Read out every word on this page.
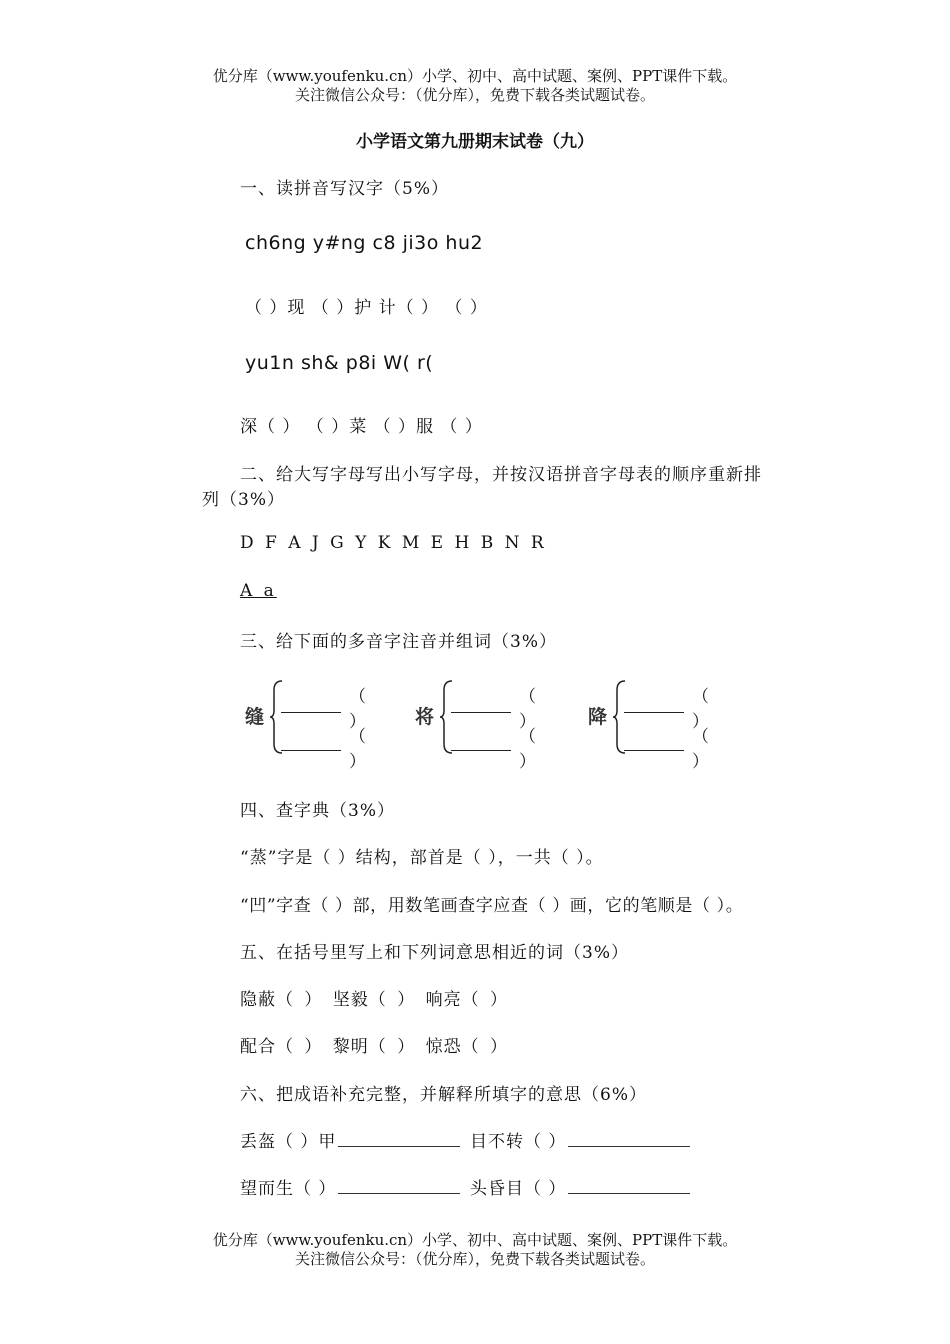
优分库（www.youfenku.cn）小学、初中、高中试题、案例、PPT课件下载。
关注微信公众号：（优分库），免费下载各类试题试卷。
小学语文第九册期末试卷（九）
一、读拼音写汉字（5%）
ch6ng y#ng c8 ji3o hu2
（ ）现 （ ）护 计（ ） （ ）
yu1n sh& p8i W( r(
深（ ） （ ）菜 （ ）服 （ ）
二、给大写字母写出小写字母，并按汉语拼音字母表的顺序重新排
列（3%）
D F A J G Y K M E H B N R
A a
三、给下面的多音字注音并组词（3%）
缝
（ ）
（ ）
将
（ ）
（ ）
降
（ ）
（ ）
四、查字典（3%）
“蒸”字是（ ）结构，部首是（ ），一共（ ）。
“凹”字查（ ）部，用数笔画查字应查（ ）画，它的笔顺是（ ）。
五、在括号里写上和下列词意思相近的词（3%）
隐蔽（ ） 坚毅（ ） 响亮（ ）
配合（ ） 黎明（ ） 惊恐（ ）
六、把成语补充完整，并解释所填字的意思（6%）
丢盔（ ）甲	目不转（ ）
望而生（ ）	头昏目（ ）
优分库（www.youfenku.cn）小学、初中、高中试题、案例、PPT课件下载。
关注微信公众号：（优分库），免费下载各类试题试卷。
